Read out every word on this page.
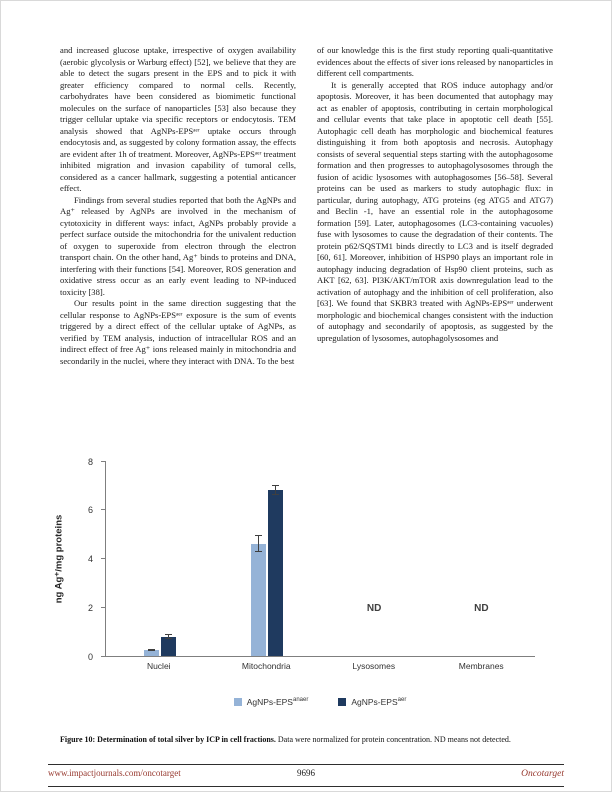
and increased glucose uptake, irrespective of oxygen availability (aerobic glycolysis or Warburg effect) [52], we believe that they are able to detect the sugars present in the EPS and to pick it with greater efficiency compared to normal cells. Recently, carbohydrates have been considered as biomimetic functional molecules on the surface of nanoparticles [53] also because they trigger cellular uptake via specific receptors or endocytosis. TEM analysis showed that AgNPs-EPSᵃᵉʳ uptake occurs through endocytosis and, as suggested by colony formation assay, the effects are evident after 1h of treatment. Moreover, AgNPs-EPSᵃᵉʳ treatment inhibited migration and invasion capability of tumoral cells, considered as a cancer hallmark, suggesting a potential anticancer effect.

Findings from several studies reported that both the AgNPs and Ag⁺ released by AgNPs are involved in the mechanism of cytotoxicity in different ways: infact, AgNPs probably provide a perfect surface outside the mitochondria for the univalent reduction of oxygen to superoxide from electron through the electron transport chain. On the other hand, Ag⁺ binds to proteins and DNA, interfering with their functions [54]. Moreover, ROS generation and oxidative stress occur as an early event leading to NP-induced toxicity [38].

Our results point in the same direction suggesting that the cellular response to AgNPs-EPSᵃᵉʳ exposure is the sum of events triggered by a direct effect of the cellular uptake of AgNPs, as verified by TEM analysis, induction of intracellular ROS and an indirect effect of free Ag⁺ ions released mainly in mitochondria and secondarily in the nuclei, where they interact with DNA. To the best

of our knowledge this is the first study reporting quali-quantitative evidences about the effects of siver ions released by nanoparticles in different cell compartments.

It is generally accepted that ROS induce autophagy and/or apoptosis. Moreover, it has been documented that autophagy may act as enabler of apoptosis, contributing in certain morphological and cellular events that take place in apoptotic cell death [55]. Autophagic cell death has morphologic and biochemical features distinguishing it from both apoptosis and necrosis. Autophagy consists of several sequential steps starting with the autophagosome formation and then progresses to autophagolysosomes through the fusion of acidic lysosomes with autophagosomes [56–58]. Several proteins can be used as markers to study autophagic flux: in particular, during autophagy, ATG proteins (eg ATG5 and ATG7) and Beclin -1, have an essential role in the autophagosome formation [59]. Later, autophagosomes (LC3-containing vacuoles) fuse with lysosomes to cause the degradation of their contents. The protein p62/SQSTM1 binds directly to LC3 and is itself degraded [60, 61]. Moreover, inhibition of HSP90 plays an important role in autophagy inducing degradation of Hsp90 client proteins, such as AKT [62, 63]. PI3K/AKT/mTOR axis downregulation lead to the activation of autophagy and the inhibition of cell proliferation, also [63]. We found that SKBR3 treated with AgNPs-EPSᵃᵉʳ underwent morphologic and biochemical changes consistent with the induction of autophagy and secondarily of apoptosis, as suggested by the upregulation of lysosomes, autophagolysosomes and

ng Ag⁺/mg proteins
0
2
4
6
8
ND	ND
Nuclei	Mitochondria	Lysosomes	Membranes
AgNPs-$EPS^{anaer}$	AgNPs-$EPS^{aer}$
Figure 10: Determination of total silver by ICP in cell fractions. Data were normalized for protein concentration. ND means not detected.
www.impactjournals.com/oncotarget	9696	Oncotarget
